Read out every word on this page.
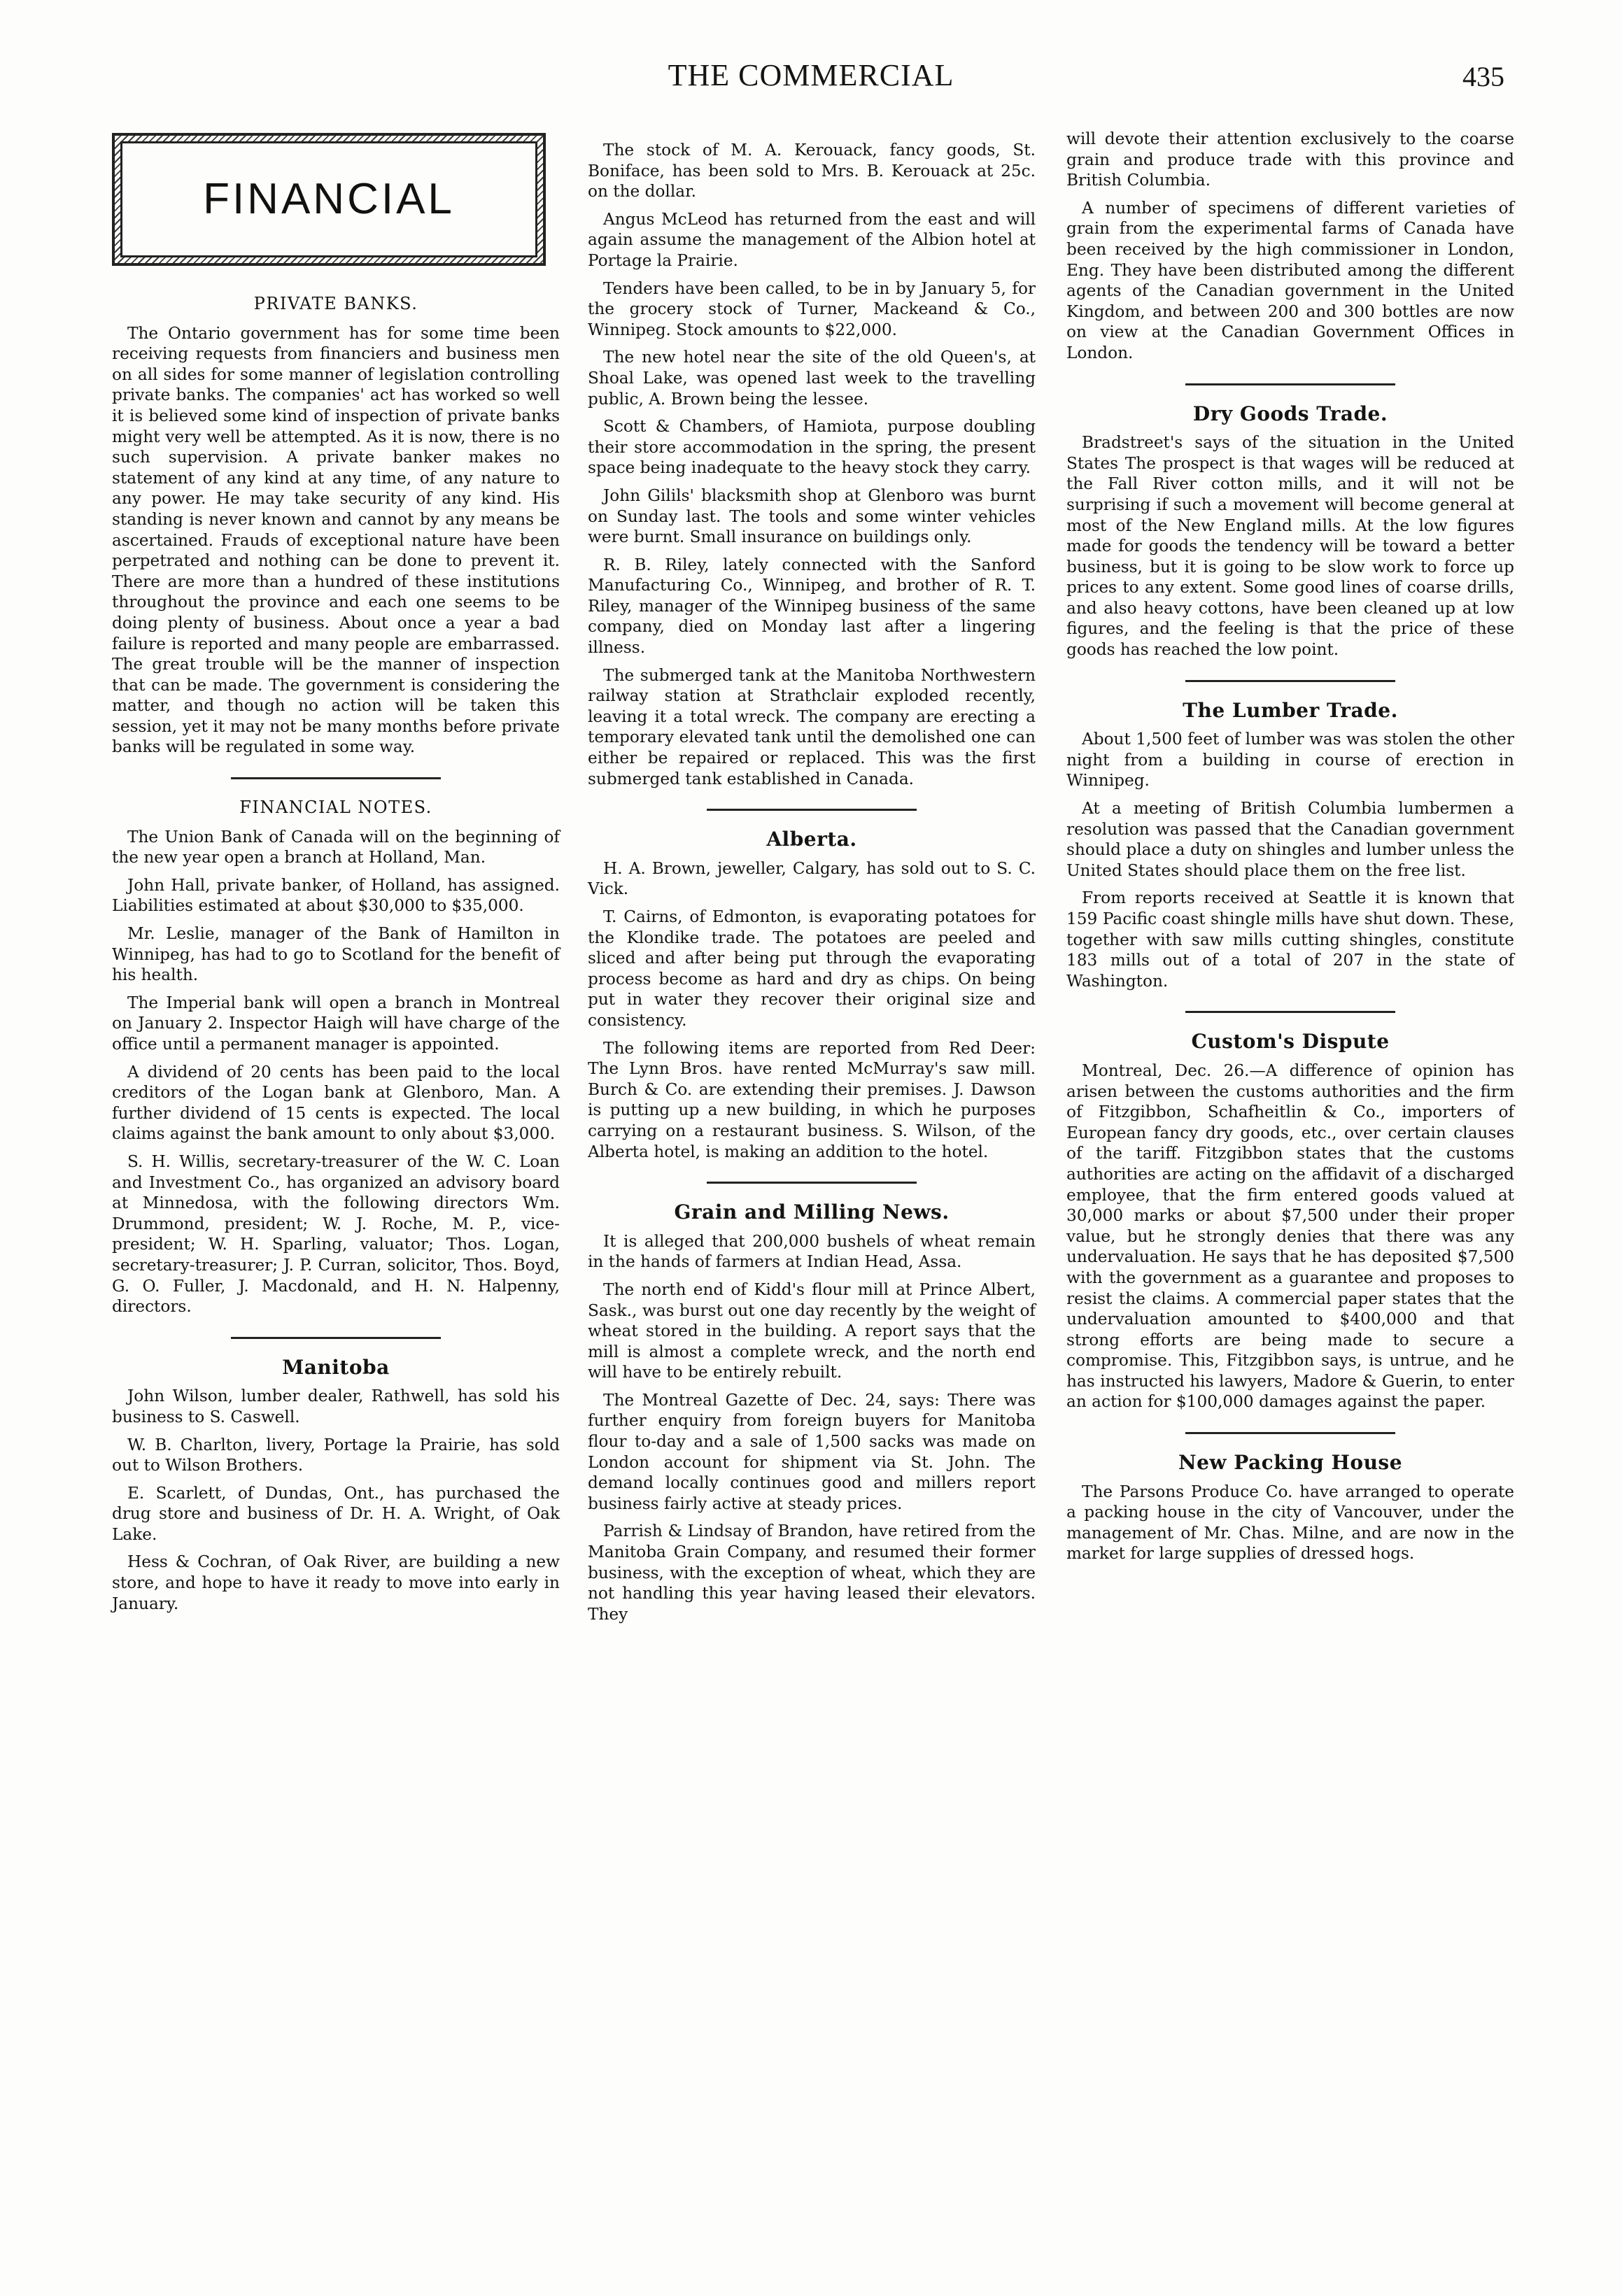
THE COMMERCIAL	435
FINANCIAL
PRIVATE BANKS.

The Ontario government has for some time been receiving requests from financiers and business men on all sides for some manner of legislation controlling private banks. The companies' act has worked so well it is believed some kind of inspection of private banks might very well be attempted. As it is now, there is no such supervision. A private banker makes no statement of any kind at any time, of any nature to any power. He may take security of any kind. His standing is never known and cannot by any means be ascertained. Frauds of exceptional nature have been perpetrated and nothing can be done to prevent it. There are more than a hundred of these institutions throughout the province and each one seems to be doing plenty of business. About once a year a bad failure is reported and many people are embarrassed. The great trouble will be the manner of inspection that can be made. The government is considering the matter, and though no action will be taken this session, yet it may not be many months before private banks will be regulated in some way.

FINANCIAL NOTES.

The Union Bank of Canada will on the beginning of the new year open a branch at Holland, Man.

John Hall, private banker, of Holland, has assigned. Liabilities estimated at about $30,000 to $35,000.

Mr. Leslie, manager of the Bank of Hamilton in Winnipeg, has had to go to Scotland for the benefit of his health.

The Imperial bank will open a branch in Montreal on January 2. Inspector Haigh will have charge of the office until a permanent manager is appointed.

A dividend of 20 cents has been paid to the local creditors of the Logan bank at Glenboro, Man. A further dividend of 15 cents is expected. The local claims against the bank amount to only about $3,000.

S. H. Willis, secretary-treasurer of the W. C. Loan and Investment Co., has organized an advisory board at Minnedosa, with the following directors Wm. Drummond, president; W. J. Roche, M. P., vice-president; W. H. Sparling, valuator; Thos. Logan, secretary-treasurer; J. P. Curran, solicitor, Thos. Boyd, G. O. Fuller, J. Macdonald, and H. N. Halpenny, directors.

Manitoba

John Wilson, lumber dealer, Rathwell, has sold his business to S. Caswell.

W. B. Charlton, livery, Portage la Prairie, has sold out to Wilson Brothers.

E. Scarlett, of Dundas, Ont., has purchased the drug store and business of Dr. H. A. Wright, of Oak Lake.

Hess & Cochran, of Oak River, are building a new store, and hope to have it ready to move into early in January.

The stock of M. A. Kerouack, fancy goods, St. Boniface, has been sold to Mrs. B. Kerouack at 25c. on the dollar.

Angus McLeod has returned from the east and will again assume the management of the Albion hotel at Portage la Prairie.

Tenders have been called, to be in by January 5, for the grocery stock of Turner, Mackeand & Co., Winnipeg. Stock amounts to $22,000.

The new hotel near the site of the old Queen's, at Shoal Lake, was opened last week to the travelling public, A. Brown being the lessee.

Scott & Chambers, of Hamiota, purpose doubling their store accommodation in the spring, the present space being inadequate to the heavy stock they carry.

John Gilils' blacksmith shop at Glenboro was burnt on Sunday last. The tools and some winter vehicles were burnt. Small insurance on buildings only.

R. B. Riley, lately connected with the Sanford Manufacturing Co., Winnipeg, and brother of R. T. Riley, manager of the Winnipeg business of the same company, died on Monday last after a lingering illness.

The submerged tank at the Manitoba Northwestern railway station at Strathclair exploded recently, leaving it a total wreck. The company are erecting a temporary elevated tank until the demolished one can either be repaired or replaced. This was the first submerged tank established in Canada.

Alberta.

H. A. Brown, jeweller, Calgary, has sold out to S. C. Vick.

T. Cairns, of Edmonton, is evaporating potatoes for the Klondike trade. The potatoes are peeled and sliced and after being put through the evaporating process become as hard and dry as chips. On being put in water they recover their original size and consistency.

The following items are reported from Red Deer: The Lynn Bros. have rented McMurray's saw mill. Burch & Co. are extending their premises. J. Dawson is putting up a new building, in which he purposes carrying on a restaurant business. S. Wilson, of the Alberta hotel, is making an addition to the hotel.

Grain and Milling News.

It is alleged that 200,000 bushels of wheat remain in the hands of farmers at Indian Head, Assa.

The north end of Kidd's flour mill at Prince Albert, Sask., was burst out one day recently by the weight of wheat stored in the building. A report says that the mill is almost a complete wreck, and the north end will have to be entirely rebuilt.

The Montreal Gazette of Dec. 24, says: There was further enquiry from foreign buyers for Manitoba flour to-day and a sale of 1,500 sacks was made on London account for shipment via St. John. The demand locally continues good and millers report business fairly active at steady prices.

Parrish & Lindsay of Brandon, have retired from the Manitoba Grain Company, and resumed their former business, with the exception of wheat, which they are not handling this year having leased their elevators. They

will devote their attention exclusively to the coarse grain and produce trade with this province and British Columbia.

A number of specimens of different varieties of grain from the experimental farms of Canada have been received by the high commissioner in London, Eng. They have been distributed among the different agents of the Canadian government in the United Kingdom, and between 200 and 300 bottles are now on view at the Canadian Government Offices in London.

Dry Goods Trade.

Bradstreet's says of the situation in the United States The prospect is that wages will be reduced at the Fall River cotton mills, and it will not be surprising if such a movement will become general at most of the New England mills. At the low figures made for goods the tendency will be toward a better business, but it is going to be slow work to force up prices to any extent. Some good lines of coarse drills, and also heavy cottons, have been cleaned up at low figures, and the feeling is that the price of these goods has reached the low point.

The Lumber Trade.

About 1,500 feet of lumber was was stolen the other night from a building in course of erection in Winnipeg.

At a meeting of British Columbia lumbermen a resolution was passed that the Canadian government should place a duty on shingles and lumber unless the United States should place them on the free list.

From reports received at Seattle it is known that 159 Pacific coast shingle mills have shut down. These, together with saw mills cutting shingles, constitute 183 mills out of a total of 207 in the state of Washington.

Custom's Dispute

Montreal, Dec. 26.—A difference of opinion has arisen between the customs authorities and the firm of Fitzgibbon, Schafheitlin & Co., importers of European fancy dry goods, etc., over certain clauses of the tariff. Fitzgibbon states that the customs authorities are acting on the affidavit of a discharged employee, that the firm entered goods valued at 30,000 marks or about $7,500 under their proper value, but he strongly denies that there was any undervaluation. He says that he has deposited $7,500 with the government as a guarantee and proposes to resist the claims. A commercial paper states that the undervaluation amounted to $400,000 and that strong efforts are being made to secure a compromise. This, Fitzgibbon says, is untrue, and he has instructed his lawyers, Madore & Guerin, to enter an action for $100,000 damages against the paper.

New Packing House

The Parsons Produce Co. have arranged to operate a packing house in the city of Vancouver, under the management of Mr. Chas. Milne, and are now in the market for large supplies of dressed hogs.
